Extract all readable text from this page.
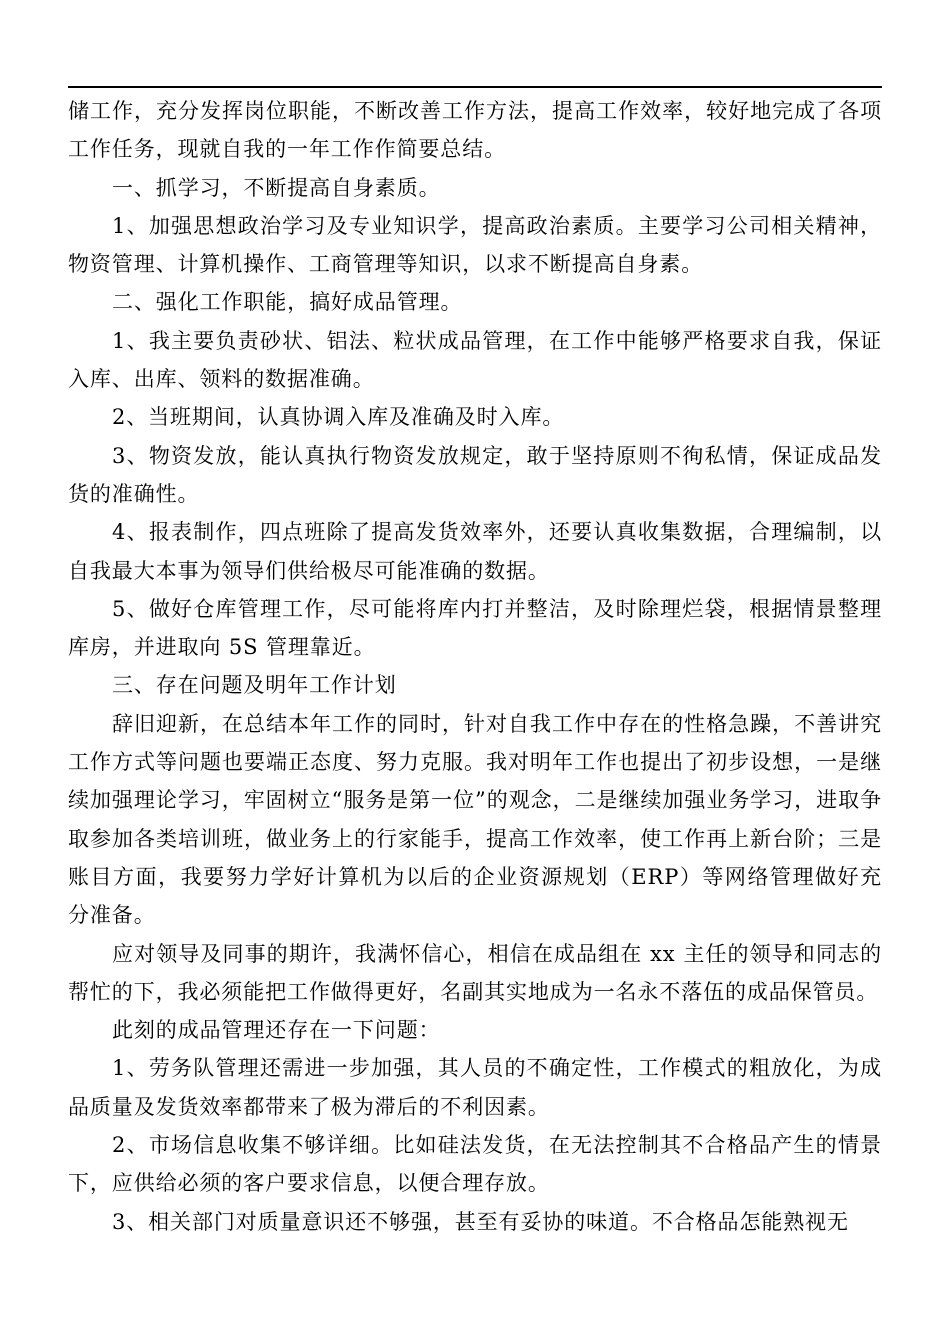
储工作，充分发挥岗位职能，不断改善工作方法，提高工作效率，较好地完成了各项工作任务，现就自我的一年工作作简要总结。

一、抓学习，不断提高自身素质。

1、加强思想政治学习及专业知识学，提高政治素质。主要学习公司相关精神，物资管理、计算机操作、工商管理等知识，以求不断提高自身素。

二、强化工作职能，搞好成品管理。

1、我主要负责砂状、铝法、粒状成品管理，在工作中能够严格要求自我，保证入库、出库、领料的数据准确。

2、当班期间，认真协调入库及准确及时入库。

3、物资发放，能认真执行物资发放规定，敢于坚持原则不徇私情，保证成品发货的准确性。

4、报表制作，四点班除了提高发货效率外，还要认真收集数据，合理编制，以自我最大本事为领导们供给极尽可能准确的数据。

5、做好仓库管理工作，尽可能将库内打并整洁，及时除理烂袋，根据情景整理库房，并进取向 5S 管理靠近。

三、存在问题及明年工作计划

辞旧迎新，在总结本年工作的同时，针对自我工作中存在的性格急躁，不善讲究工作方式等问题也要端正态度、努力克服。我对明年工作也提出了初步设想，一是继续加强理论学习，牢固树立“服务是第一位”的观念，二是继续加强业务学习，进取争取参加各类培训班，做业务上的行家能手，提高工作效率，使工作再上新台阶；三是账目方面，我要努力学好计算机为以后的企业资源规划（ERP）等网络管理做好充分准备。

应对领导及同事的期许，我满怀信心，相信在成品组在 xx 主任的领导和同志的帮忙的下，我必须能把工作做得更好，名副其实地成为一名永不落伍的成品保管员。

此刻的成品管理还存在一下问题：

1、劳务队管理还需进一步加强，其人员的不确定性，工作模式的粗放化，为成品质量及发货效率都带来了极为滞后的不利因素。

2、市场信息收集不够详细。比如硅法发货，在无法控制其不合格品产生的情景下，应供给必须的客户要求信息，以便合理存放。

3、相关部门对质量意识还不够强，甚至有妥协的味道。不合格品怎能熟视无
